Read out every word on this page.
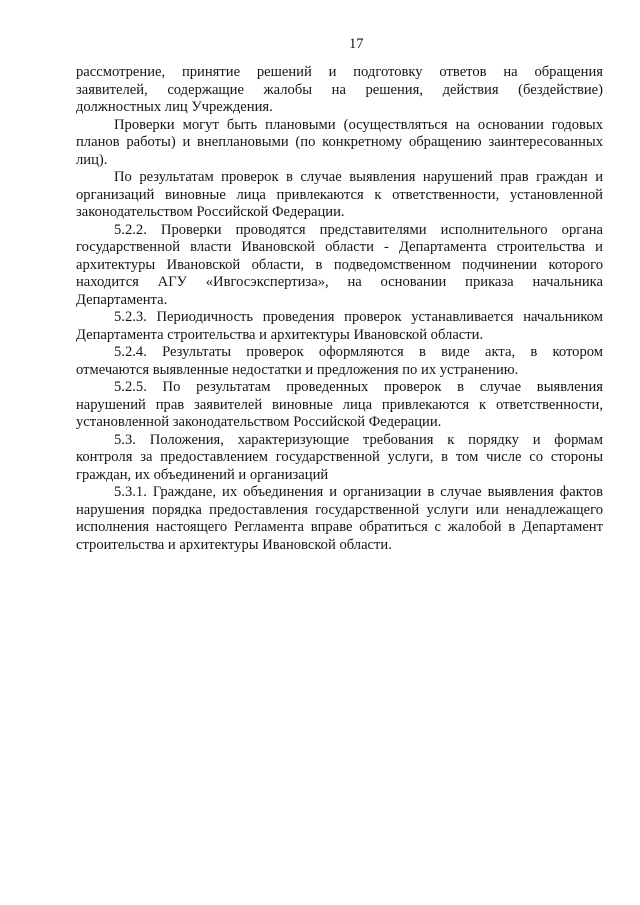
17
рассмотрение, принятие решений и подготовку ответов на обращения
заявителей, содержащие жалобы на решения, действия (бездействие)
должностных лиц Учреждения.
Проверки могут быть плановыми (осуществляться на основании годовых
планов работы) и внеплановыми (по конкретному обращению заинтересованных
лиц).
По результатам проверок в случае выявления нарушений прав граждан и
организаций виновные лица привлекаются к ответственности, установленной
законодательством Российской Федерации.
5.2.2. Проверки проводятся представителями исполнительного органа
государственной власти Ивановской области - Департамента строительства и
архитектуры Ивановской области, в подведомственном подчинении которого
находится АГУ «Ивгосэкспертиза», на основании приказа начальника
Департамента.
5.2.3. Периодичность проведения проверок устанавливается начальником
Департамента строительства и архитектуры Ивановской области.
5.2.4. Результаты проверок оформляются в виде акта, в котором
отмечаются выявленные недостатки и предложения по их устранению.
5.2.5. По результатам проведенных проверок в случае выявления
нарушений прав заявителей виновные лица привлекаются к ответственности,
установленной законодательством Российской Федерации.
5.3. Положения, характеризующие требования к порядку и формам
контроля за предоставлением государственной услуги, в том числе со стороны
граждан, их объединений и организаций
5.3.1. Граждане, их объединения и организации в случае выявления фактов
нарушения порядка предоставления государственной услуги или ненадлежащего
исполнения настоящего Регламента вправе обратиться с жалобой в Департамент
строительства и архитектуры Ивановской области.
